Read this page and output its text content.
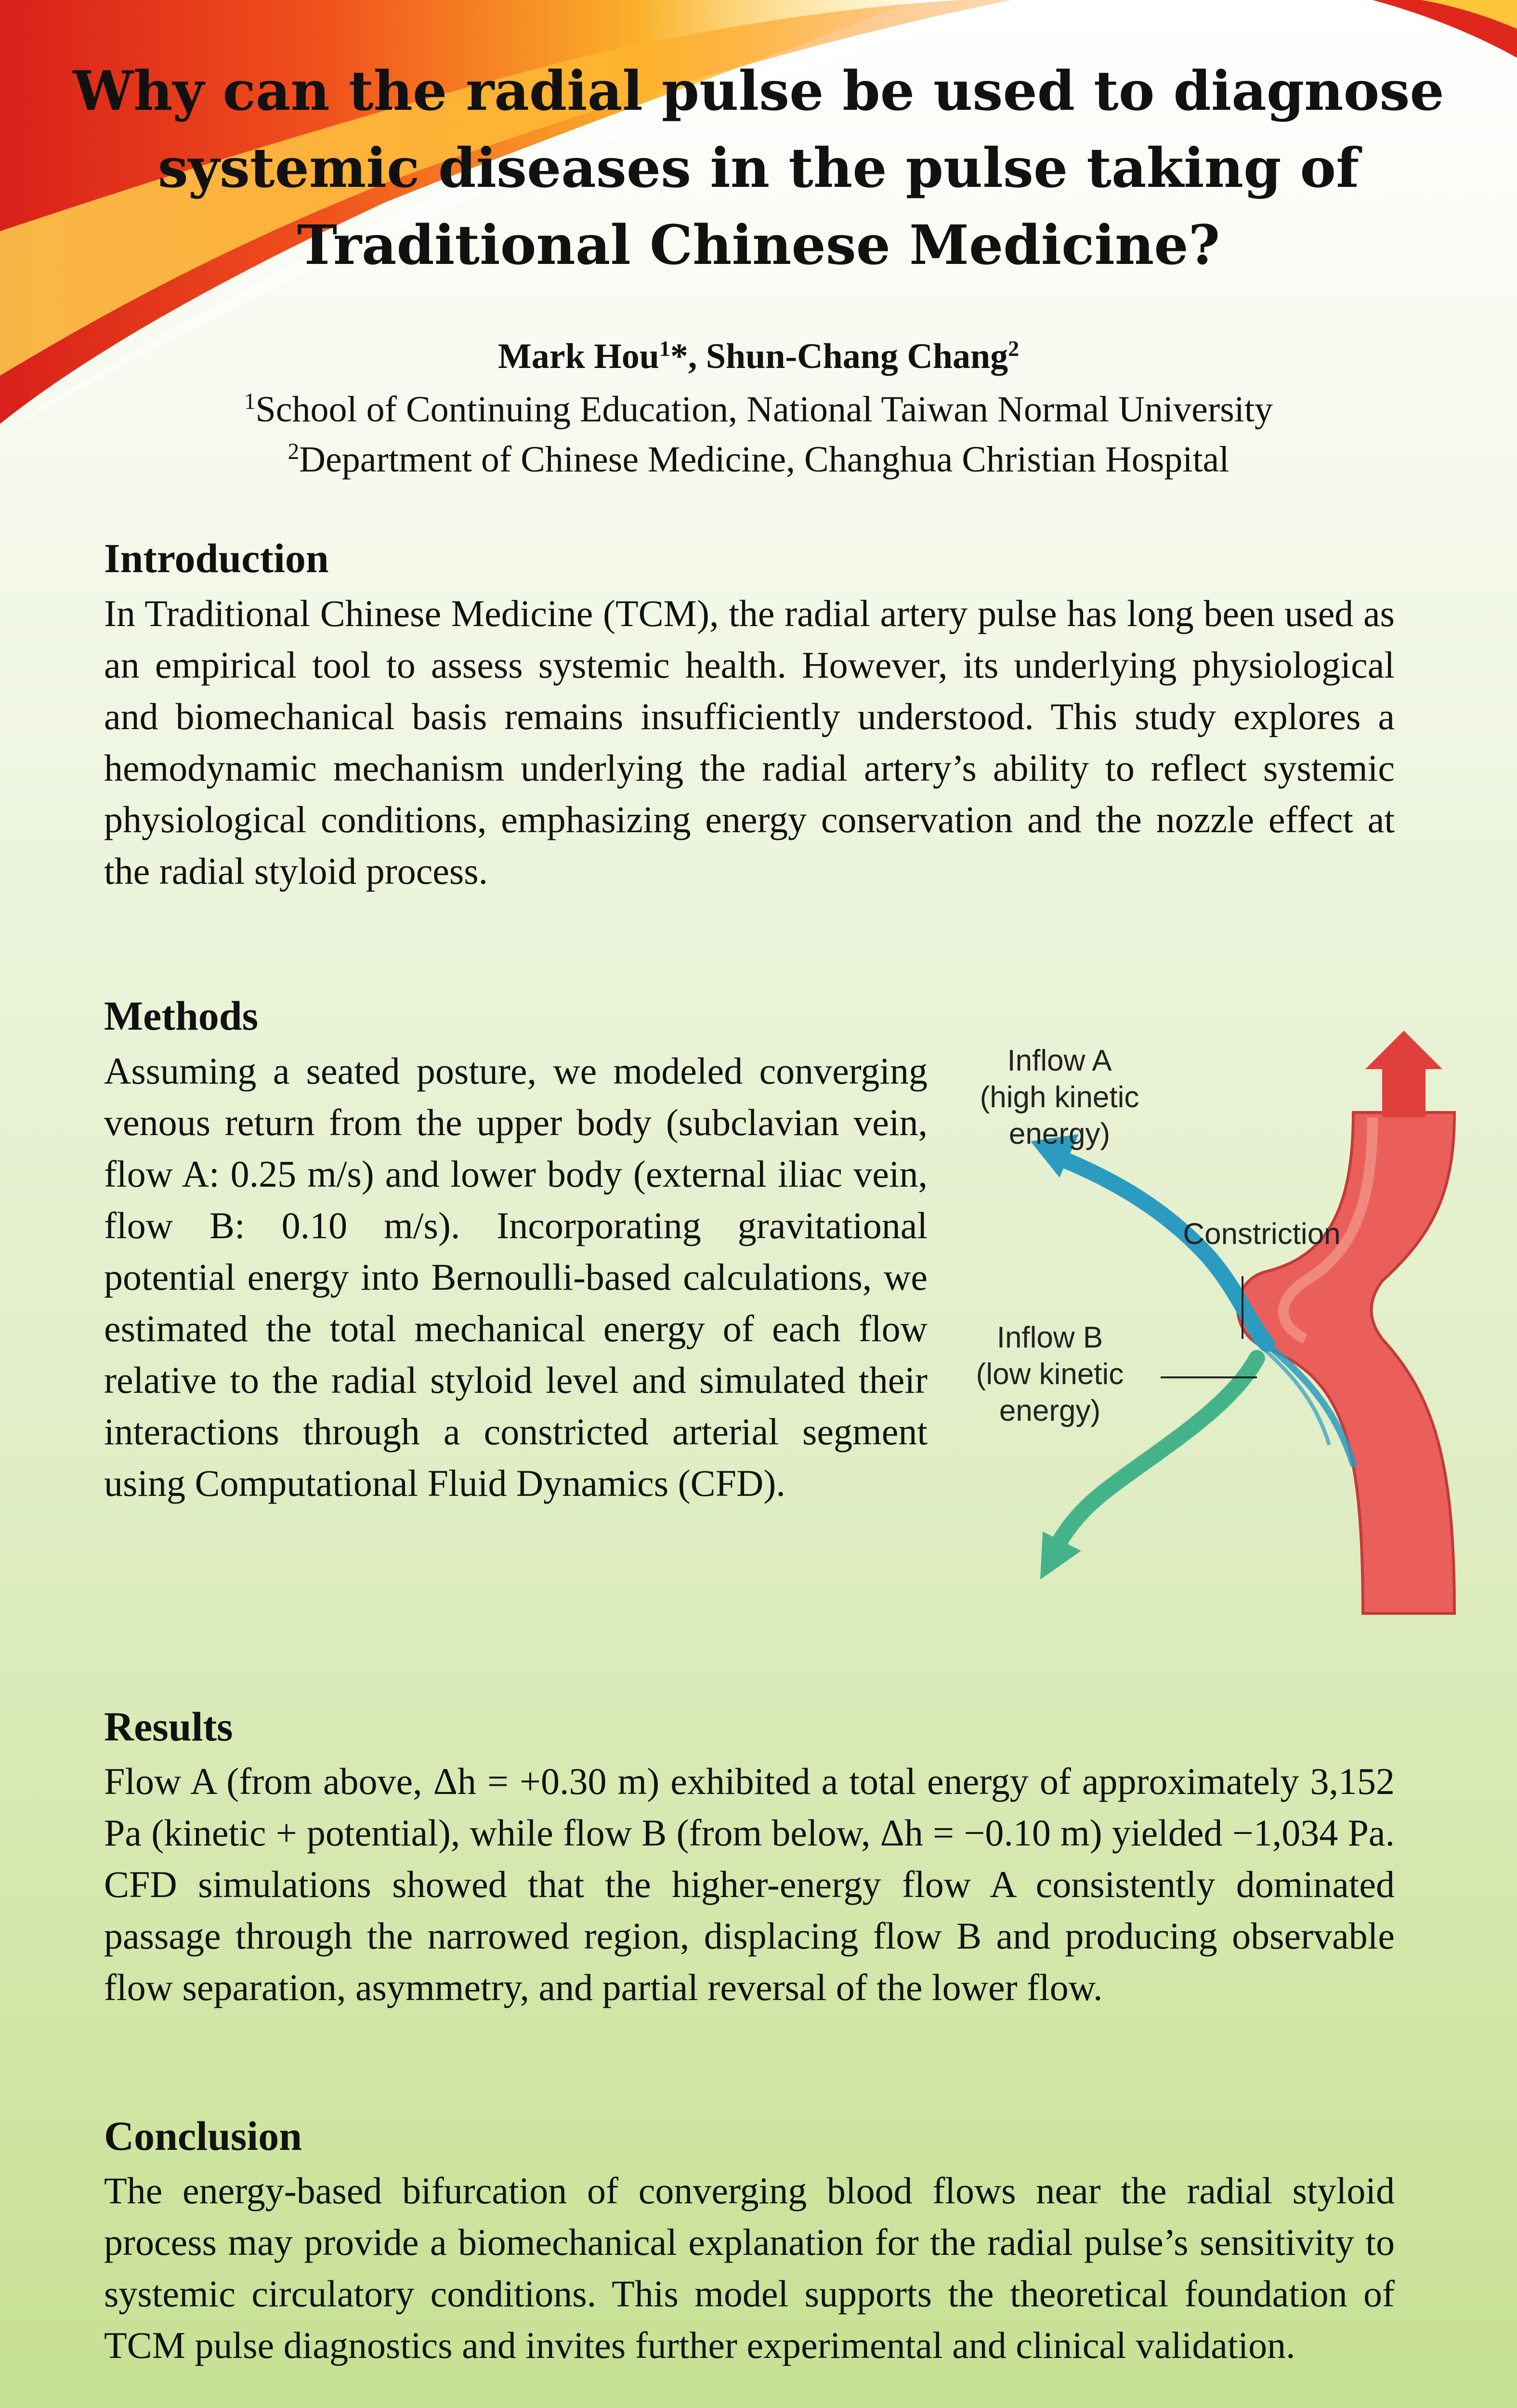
Why can the radial pulse be used to diagnose systemic diseases in the pulse taking of Traditional Chinese Medicine?
Mark Hou$^1$*, Shun-Chang Chang$^2$
$^1$School of Continuing Education, National Taiwan Normal University
$^2$Department of Chinese Medicine, Changhua Christian Hospital
Introduction

In Traditional Chinese Medicine (TCM), the radial artery pulse has long been used as an empirical tool to assess systemic health. However, its underlying physiological and biomechanical basis remains insufficiently understood. This study explores a hemodynamic mechanism underlying the radial artery’s ability to reflect systemic physiological conditions, emphasizing energy conservation and the nozzle effect at the radial styloid process.

Methods

Assuming a seated posture, we modeled converging venous return from the upper body (subclavian vein, flow A: 0.25 m/s) and lower body (external iliac vein, flow B: 0.10 m/s). Incorporating gravitational potential energy into Bernoulli-based calculations, we estimated the total mechanical energy of each flow relative to the radial styloid level and simulated their interactions through a constricted arterial segment using Computational Fluid Dynamics (CFD).

Inflow A
(high kinetic
energy)
Constriction
Inflow B
(low kinetic
energy)
Results

Flow A (from above, Δh = +0.30 m) exhibited a total energy of approximately 3,152 Pa (kinetic + potential), while flow B (from below, Δh = −0.10 m) yielded −1,034 Pa. CFD simulations showed that the higher-energy flow A consistently dominated passage through the narrowed region, displacing flow B and producing observable flow separation, asymmetry, and partial reversal of the lower flow.

Conclusion

The energy-based bifurcation of converging blood flows near the radial styloid process may provide a biomechanical explanation for the radial pulse’s sensitivity to systemic circulatory conditions. This model supports the theoretical foundation of TCM pulse diagnostics and invites further experimental and clinical validation.
